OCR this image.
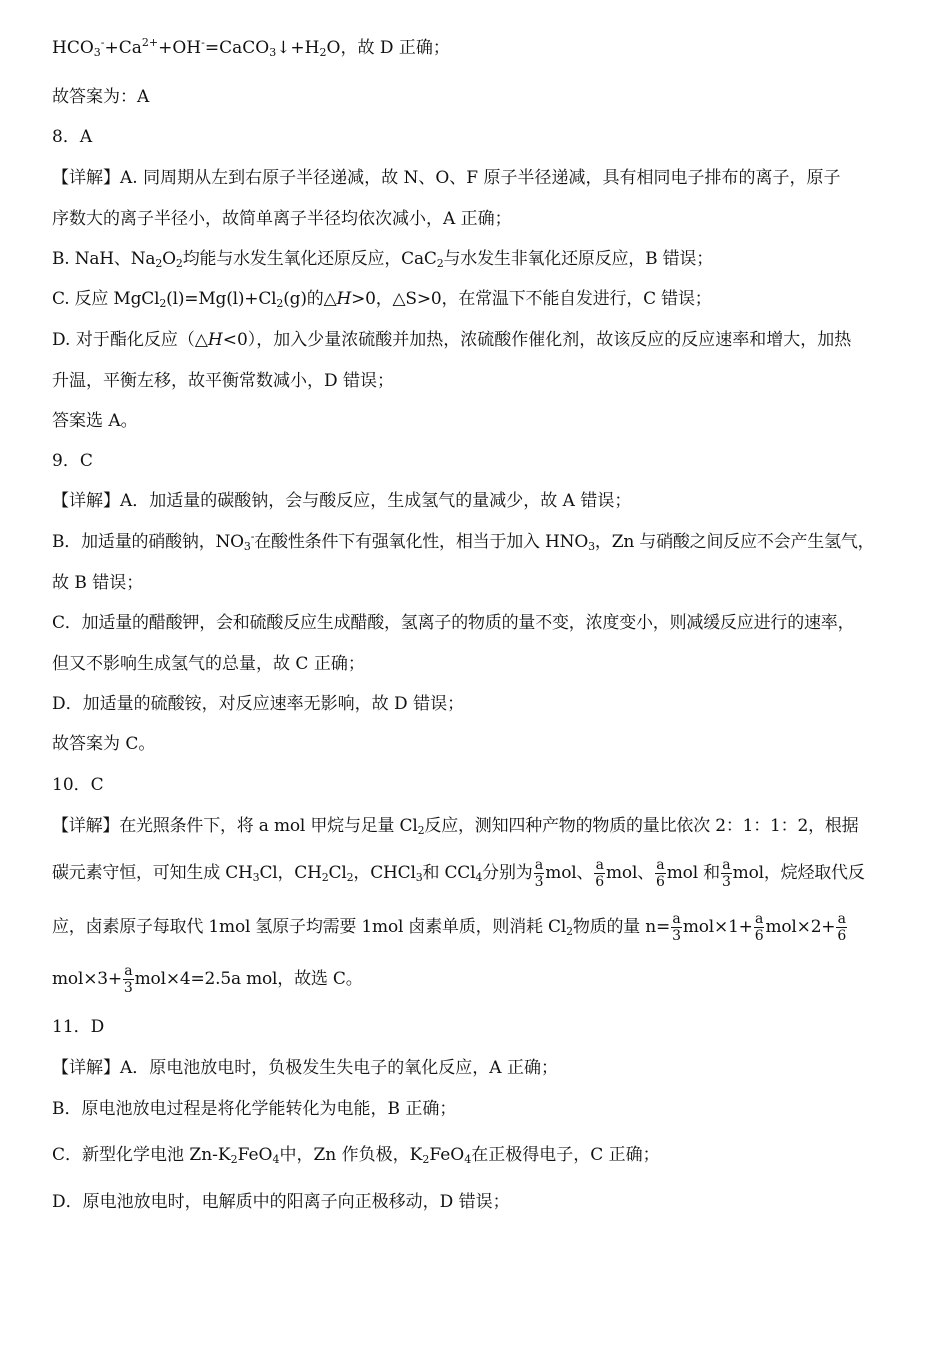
$HCO_3^-+Ca^{2+}+OH^-=CaCO_3↓+H_2O$，故 D 正确；
故答案为：A
8．A
【详解】A. 同周期从左到右原子半径递减，故 N、O、F 原子半径递减，具有相同电子排布的离子，原子
序数大的离子半径小，故简单离子半径均依次减小，A 正确；
B. NaH、$Na_2O_2$均能与水发生氧化还原反应，CaC$_2$与水发生非氧化还原反应，B 错误；
C. 反应 $MgCl_2(l)=Mg(l)+Cl_2(g)$的△H>0，△S>0，在常温下不能自发进行，C 错误；
D. 对于酯化反应（△H<0），加入少量浓硫酸并加热，浓硫酸作催化剂，故该反应的反应速率和增大，加热
升温，平衡左移，故平衡常数减小，D 错误；
答案选 A。
9．C
【详解】A．加适量的碳酸钠，会与酸反应，生成氢气的量减少，故 A 错误；
B．加适量的硝酸钠，$NO_3^-$在酸性条件下有强氧化性，相当于加入 $HNO_3$，Zn 与硝酸之间反应不会产生氢气，
故 B 错误；
C．加适量的醋酸钾，会和硫酸反应生成醋酸，氢离子的物质的量不变，浓度变小，则减缓反应进行的速率，
但又不影响生成氢气的总量，故 C 正确；
D．加适量的硫酸铵，对反应速率无影响，故 D 错误；
故答案为 C。
10．C
【详解】在光照条件下，将 a mol 甲烷与足量 $Cl_2$反应，测知四种产物的物质的量比依次 2：1：1：2，根据
碳元素守恒，可知生成 $CH_3Cl$，$CH_2Cl_2$，CHCl$_3$和 CCl$_4$分别为 $\frac{a}{3}$ mol、 $\frac{a}{6}$ mol、 $\frac{a}{6}$ mol 和 $\frac{a}{3}$ mol，烷烃取代反
应，卤素原子每取代 1mol 氢原子均需要 1mol 卤素单质，则消耗 $Cl_2$物质的量 $n= \frac{a}{3} mol\times 1+ \frac{a}{6} mol\times 2+ \frac{a}{6}$
$mol\times 3+ \frac{a}{3} mol\times 4=2.5a$ mol，故选 C。
11．D
【详解】A．原电池放电时，负极发生失电子的氧化反应，A 正确；
B．原电池放电过程是将化学能转化为电能，B 正确；
C．新型化学电池 $Zn-K_2FeO_4$中，Zn 作负极，$K_2FeO_4$在正极得电子，C 正确；
D．原电池放电时，电解质中的阳离子向正极移动，D 错误；
